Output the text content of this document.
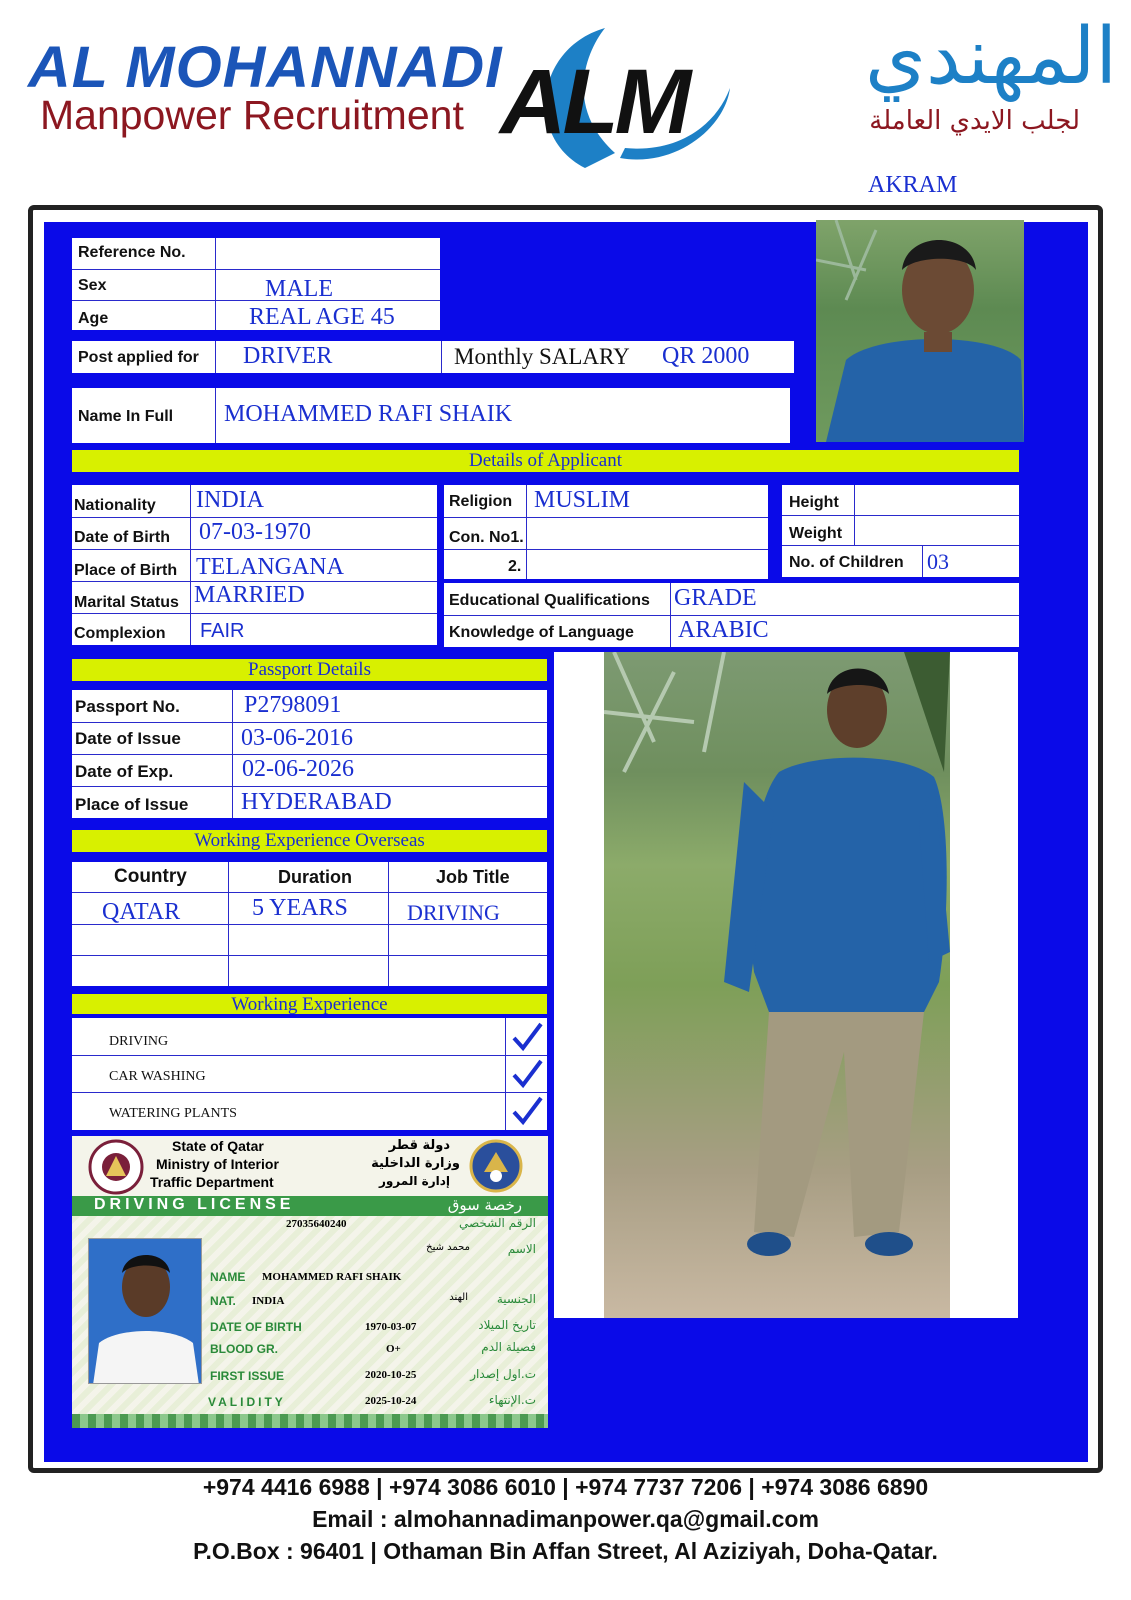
AL MOHANNADI
Manpower Recruitment ALM	المهندي
لجلب الايدي العاملة
AKRAM
Reference No.
Sex	MALE
Age	REAL AGE 45
Post applied for DRIVER	Monthly SALARY QR 2000
Name In Full MOHAMMED RAFI SHAIK
Details of Applicant
Nationality INDIA
Date of Birth 07-03-1970
Place of Birth TELANGANA
Marital Status MARRIED
Complexion FAIR
Religion MUSLIM
Con. No1.
2.
Height
Weight
No. of Children 03
Educational Qualifications GRADE
Knowledge of Language ARABIC
Passport Details
Passport No.	P2798091
Date of Issue	03-06-2016
Date of Exp.	02-06-2026
Place of Issue HYDERABAD
Working Experience Overseas
Country	Duration	Job Title
QATAR	5 YEARS	DRIVING
Working Experience
DRIVING
CAR WASHING
WATERING PLANTS
State of Qatar
Ministry of Interior
Traffic Department
دولة قطر
وزارة الداخلية
إدارة المرور
DRIVING LICENSE	رخصة سوق
27035640240	الرقم الشخصي
محمد شيخ	الاسم
NAME MOHAMMED RAFI SHAIK
NAT. INDIA	الهند	الجنسية
DATE OF BIRTH	1970-03-07	تاريخ الميلاد
BLOOD GR.	O+	فصيلة الدم
FIRST ISSUE	2020-10-25	ت.اول إصدار
VALIDITY	2025-10-24	ت.الإنتهاء
+974 4416 6988 | +974 3086 6010 | +974 7737 7206 | +974 3086 6890
Email : almohannadimanpower.qa@gmail.com
P.O.Box : 96401 | Othaman Bin Affan Street, Al Aziziyah, Doha-Qatar.
